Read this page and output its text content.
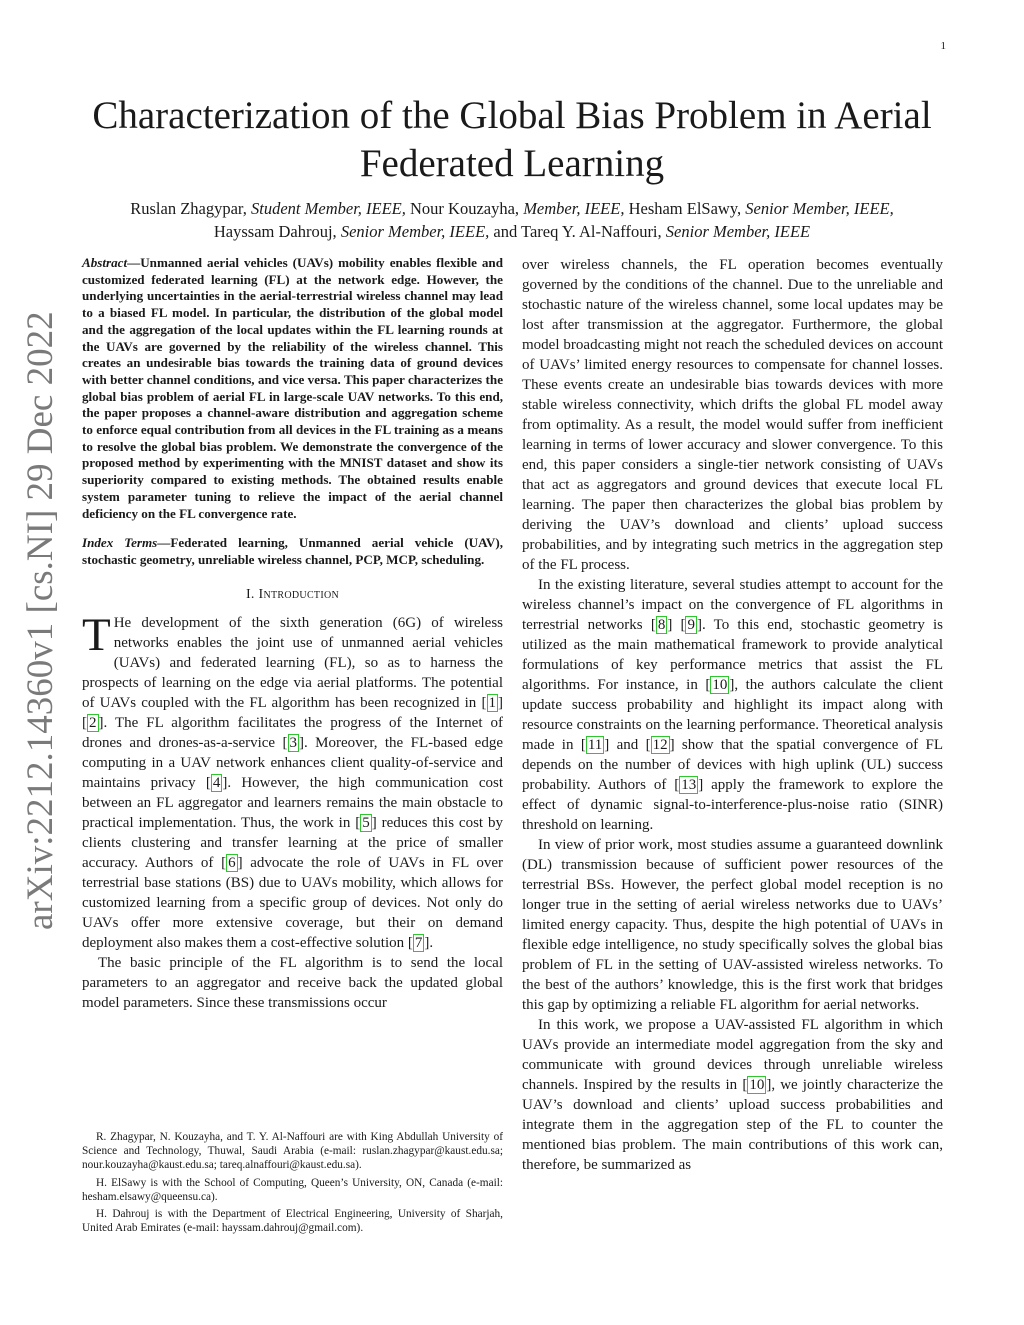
1
arXiv:2212.14360v1 [cs.NI] 29 Dec 2022
Characterization of the Global Bias Problem in Aerial Federated Learning
Ruslan Zhagypar, Student Member, IEEE, Nour Kouzayha, Member, IEEE, Hesham ElSawy, Senior Member, IEEE,
Hayssam Dahrouj, Senior Member, IEEE, and Tareq Y. Al-Naffouri, Senior Member, IEEE
Abstract—Unmanned aerial vehicles (UAVs) mobility enables flexible and customized federated learning (FL) at the network edge. However, the underlying uncertainties in the aerial-terrestrial wireless channel may lead to a biased FL model. In particular, the distribution of the global model and the aggregation of the local updates within the FL learning rounds at the UAVs are governed by the reliability of the wireless channel. This creates an undesirable bias towards the training data of ground devices with better channel conditions, and vice versa. This paper characterizes the global bias problem of aerial FL in large-scale UAV networks. To this end, the paper proposes a channel-aware distribution and aggregation scheme to enforce equal contribution from all devices in the FL training as a means to resolve the global bias problem. We demonstrate the convergence of the proposed method by experimenting with the MNIST dataset and show its superiority compared to existing methods. The obtained results enable system parameter tuning to relieve the impact of the aerial channel deficiency on the FL convergence rate.
Index Terms—Federated learning, Unmanned aerial vehicle (UAV), stochastic geometry, unreliable wireless channel, PCP, MCP, scheduling.
I. Introduction

T He development of the sixth generation (6G) of wireless networks enables the joint use of unmanned aerial vehicles (UAVs) and federated learning (FL), so as to harness the prospects of learning on the edge via aerial platforms. The potential of UAVs coupled with the FL algorithm has been recognized in [ 1 ] [ 2 ]. The FL algorithm facilitates the progress of the Internet of drones and drones-as-a-service [ 3 ]. Moreover, the FL-based edge computing in a UAV network enhances client quality-of-service and maintains privacy [ 4 ]. However, the high communication cost between an FL aggregator and learners remains the main obstacle to practical implementation. Thus, the work in [ 5 ] reduces this cost by clients clustering and transfer learning at the price of smaller accuracy. Authors of [ 6 ] advocate the role of UAVs in FL over terrestrial base stations (BS) due to UAVs mobility, which allows for customized learning from a specific group of devices. Not only do UAVs offer more extensive coverage, but their on demand deployment also makes them a cost-effective solution [ 7 ].

The basic principle of the FL algorithm is to send the local parameters to an aggregator and receive back the updated global model parameters. Since these transmissions occur

R. Zhagypar, N. Kouzayha, and T. Y. Al-Naffouri are with King Abdullah University of Science and Technology, Thuwal, Saudi Arabia (e-mail: ruslan.zhagypar@kaust.edu.sa; nour.kouzayha@kaust.edu.sa; tareq.alnaffouri@kaust.edu.sa).

H. ElSawy is with the School of Computing, Queen’s University, ON, Canada (e-mail: hesham.elsawy@queensu.ca).

H. Dahrouj is with the Department of Electrical Engineering, University of Sharjah, United Arab Emirates (e-mail: hayssam.dahrouj@gmail.com).

over wireless channels, the FL operation becomes eventually governed by the conditions of the channel. Due to the unreliable and stochastic nature of the wireless channel, some local updates may be lost after transmission at the aggregator. Furthermore, the global model broadcasting might not reach the scheduled devices on account of UAVs’ limited energy resources to compensate for channel losses. These events create an undesirable bias towards devices with more stable wireless connectivity, which drifts the global FL model away from optimality. As a result, the model would suffer from inefficient learning in terms of lower accuracy and slower convergence. To this end, this paper considers a single-tier network consisting of UAVs that act as aggregators and ground devices that execute local FL learning. The paper then characterizes the global bias problem by deriving the UAV’s download and clients’ upload success probabilities, and by integrating such metrics in the aggregation step of the FL process.

In the existing literature, several studies attempt to account for the wireless channel’s impact on the convergence of FL algorithms in terrestrial networks [ 8 ] [ 9 ]. To this end, stochastic geometry is utilized as the main mathematical framework to provide analytical formulations of key performance metrics that assist the FL algorithms. For instance, in [ 10 ], the authors calculate the client update success probability and highlight its impact along with resource constraints on the learning performance. Theoretical analysis made in [ 11 ] and [ 12 ] show that the spatial convergence of FL depends on the number of devices with high uplink (UL) success probability. Authors of [ 13 ] apply the framework to explore the effect of dynamic signal-to-interference-plus-noise ratio (SINR) threshold on learning.

In view of prior work, most studies assume a guaranteed downlink (DL) transmission because of sufficient power resources of the terrestrial BSs. However, the perfect global model reception is no longer true in the setting of aerial wireless networks due to UAVs’ limited energy capacity. Thus, despite the high potential of UAVs in flexible edge intelligence, no study specifically solves the global bias problem of FL in the setting of UAV-assisted wireless networks. To the best of the authors’ knowledge, this is the first work that bridges this gap by optimizing a reliable FL algorithm for aerial networks.

In this work, we propose a UAV-assisted FL algorithm in which UAVs provide an intermediate model aggregation from the sky and communicate with ground devices through unreliable wireless channels. Inspired by the results in [ 10 ], we jointly characterize the UAV’s download and clients’ upload success probabilities and integrate them in the aggregation step of the FL to counter the mentioned bias problem. The main contributions of this work can, therefore, be summarized as
